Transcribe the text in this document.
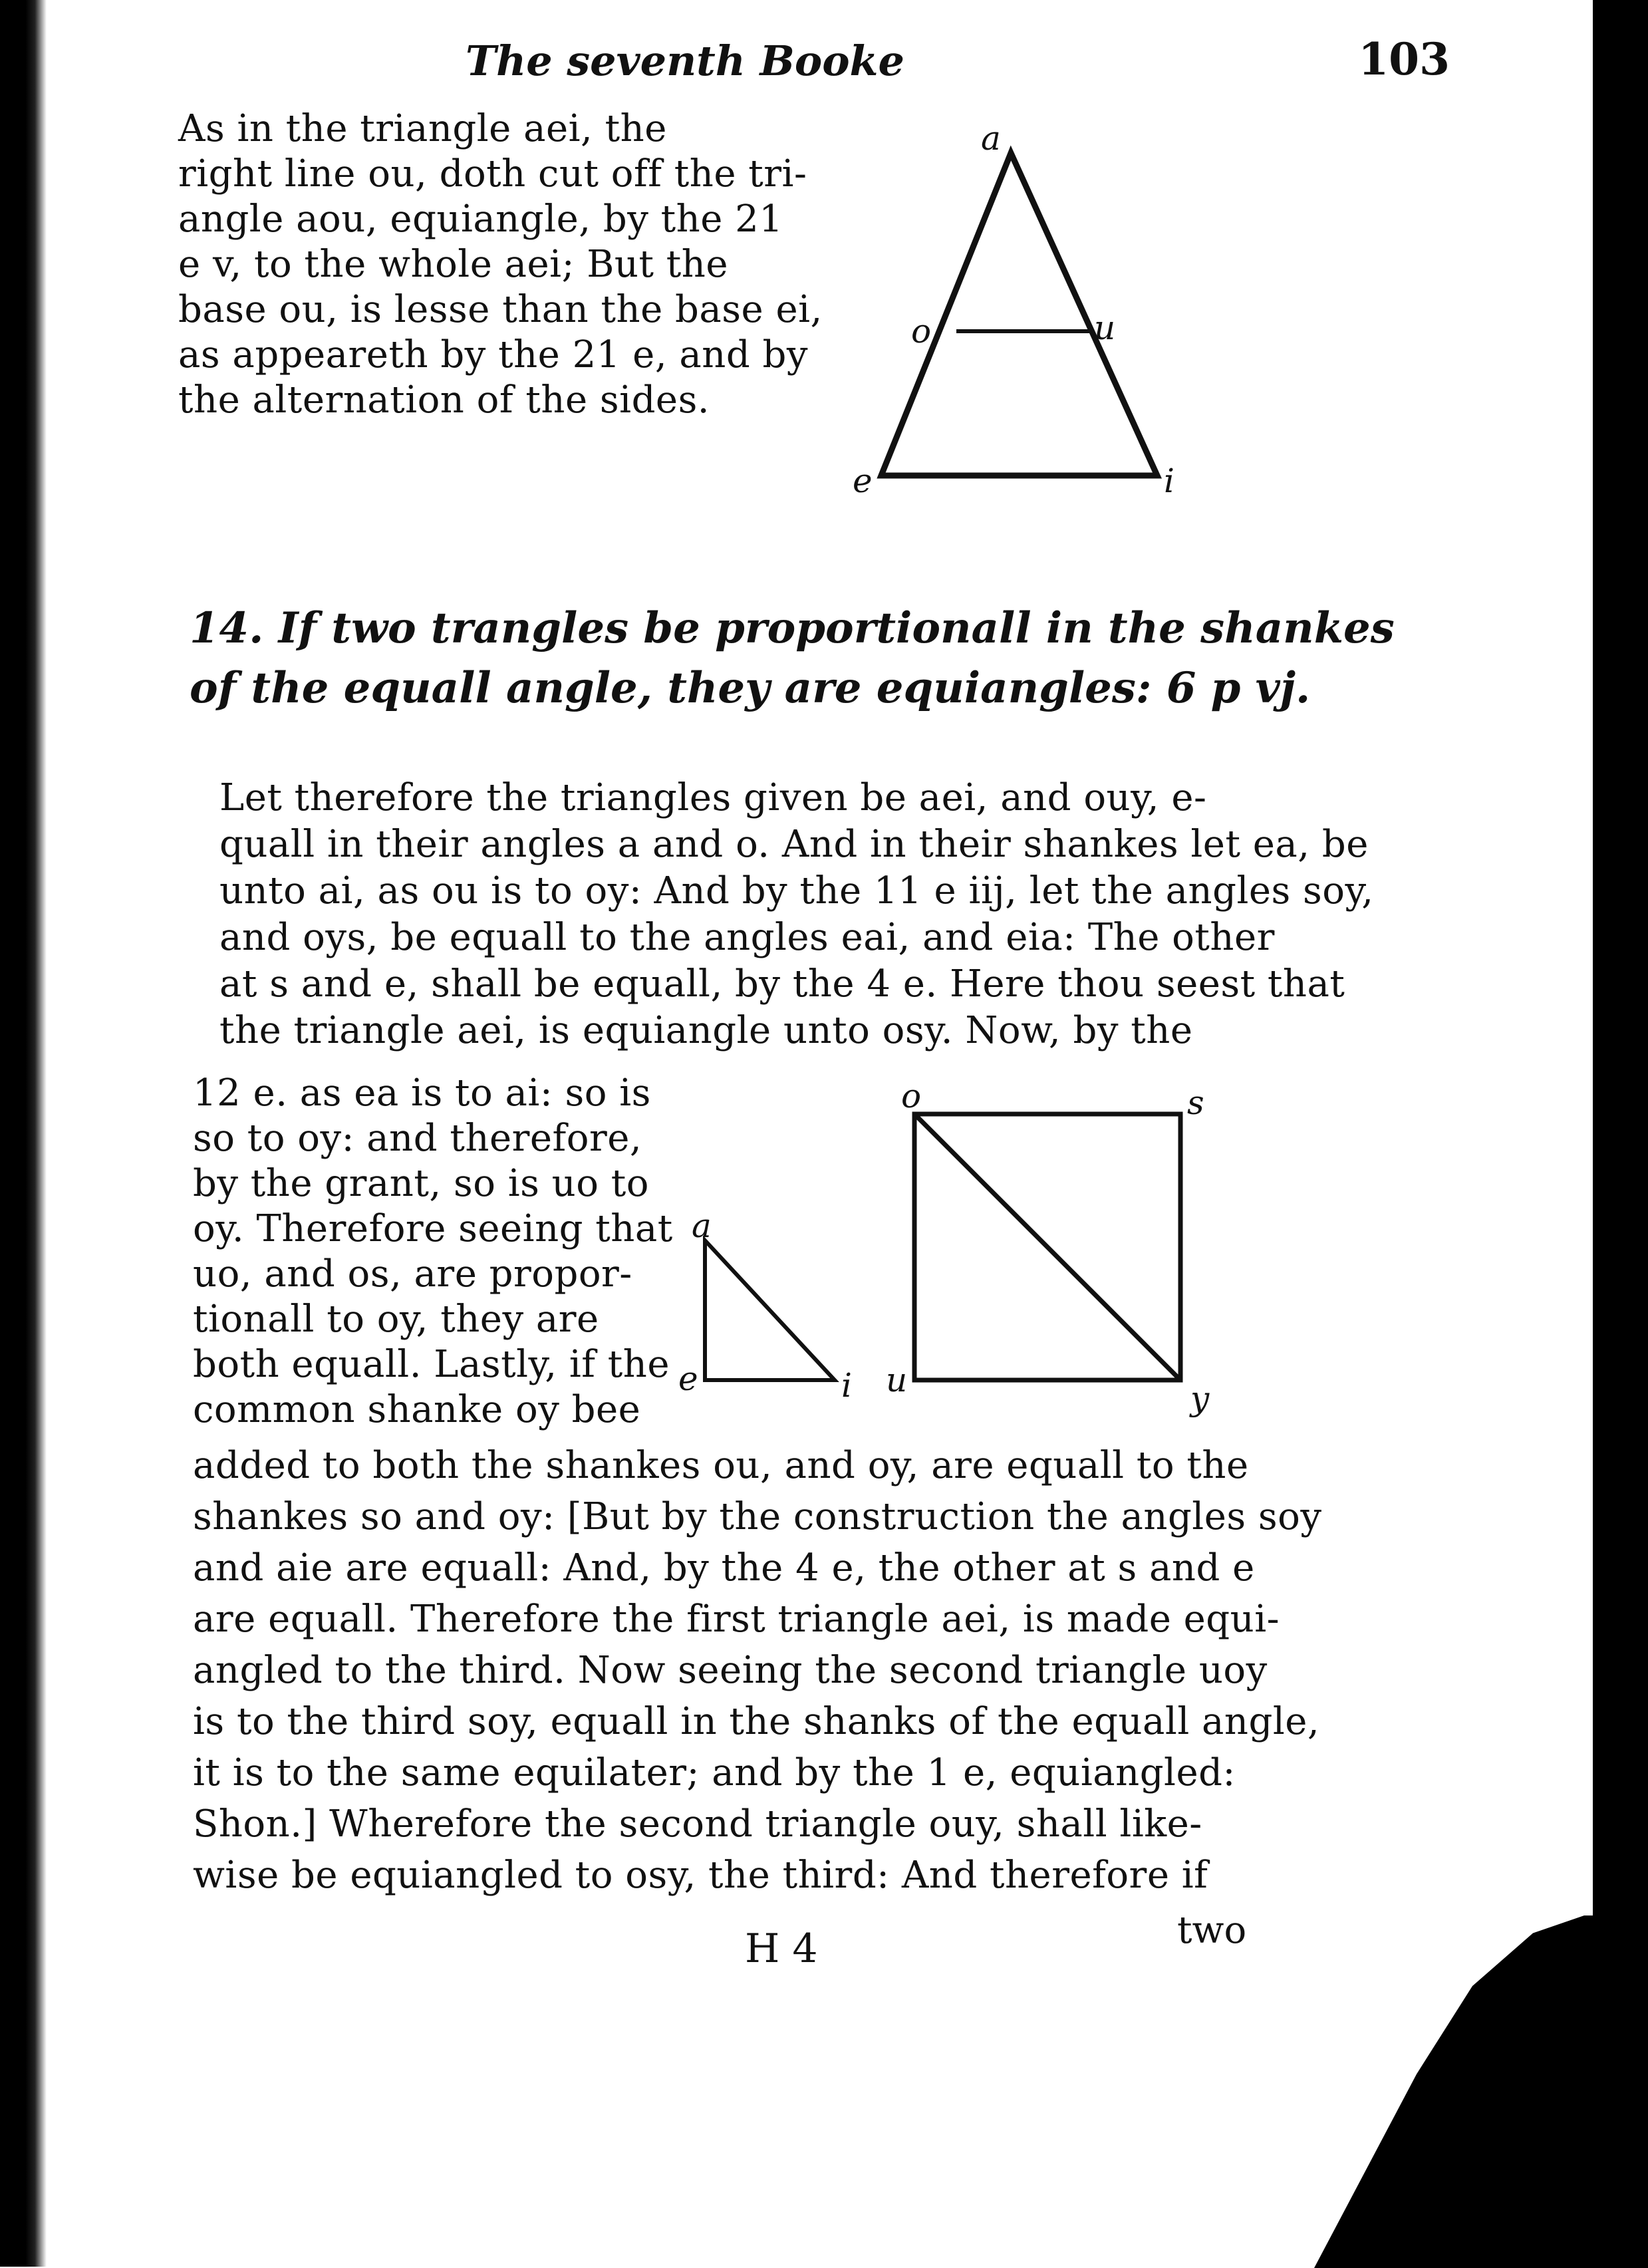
The seventh Booke	103
As in the triangle aei, the
right line ou, doth cut off the tri-
angle aou, equiangle, by the 21
e v, to the whole aei; But the
base ou, is lesse than the base ei,
as appeareth by the 21 e, and by
the alternation of the sides.
a
o	u
e	i
14. If two trangles be proportionall in the shankes
of the equall angle, they are equiangles: 6 p vj.
Let therefore the triangles given be aei, and ouy, e-
quall in their angles a and o. And in their shankes let ea, be
unto ai, as ou is to oy: And by the 11 e iij, let the angles soy,
and oys, be equall to the angles eai, and eia: The other
at s and e, shall be equall, by the 4 e. Here thou seest that
the triangle aei, is equiangle unto osy. Now, by the
12 e. as ea is to ai: so is
so to oy: and therefore,
by the grant, so is uo to
oy. Therefore seeing that
uo, and os, are propor-
tionall to oy, they are
both equall. Lastly, if the
common shanke oy bee
a
e	i
o	s
u	y
added to both the shankes ou, and oy, are equall to the
shankes so and oy: [But by the construction the angles soy
and aie are equall: And, by the 4 e, the other at s and e
are equall. Therefore the first triangle aei, is made equi-
angled to the third. Now seeing the second triangle uoy
is to the third soy, equall in the shanks of the equall angle,
it is to the same equilater; and by the 1 e, equiangled:
Shon.] Wherefore the second triangle ouy, shall like-
wise be equiangled to osy, the third: And therefore if
H 4	two
